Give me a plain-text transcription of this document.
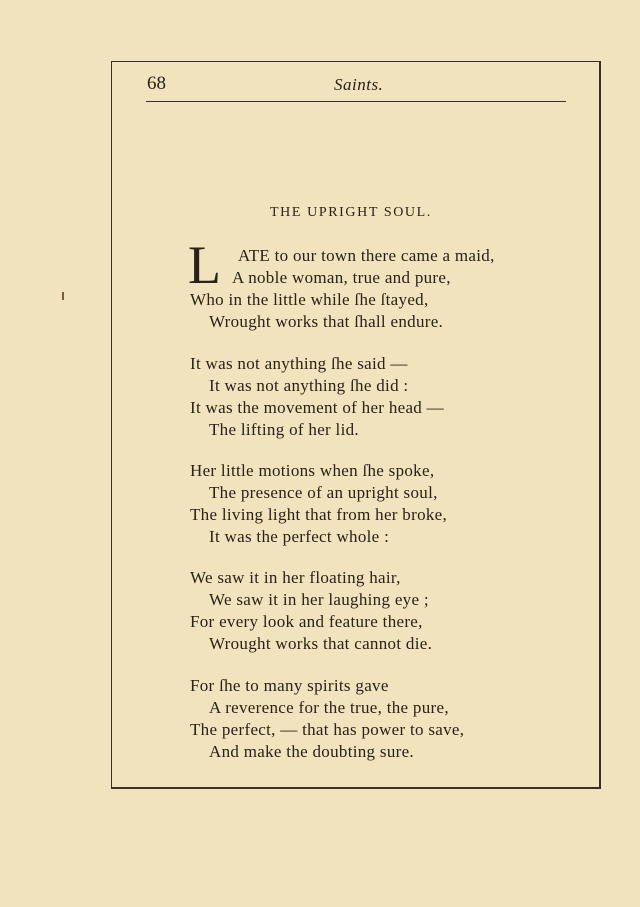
68	Saints.
THE UPRIGHT SOUL.
L ATE to our town there came a maid,
A noble woman, true and pure,
Who in the little while ſhe ſtayed,
Wrought works that ſhall endure.
It was not anything ſhe said —
It was not anything ſhe did :
It was the movement of her head —
The lifting of her lid.
Her little motions when ſhe spoke,
The presence of an upright soul,
The living light that from her broke,
It was the perfect whole :
We saw it in her floating hair,
We saw it in her laughing eye ;
For every look and feature there,
Wrought works that cannot die.
For ſhe to many spirits gave
A reverence for the true, the pure,
The perfect, — that has power to save,
And make the doubting sure.
